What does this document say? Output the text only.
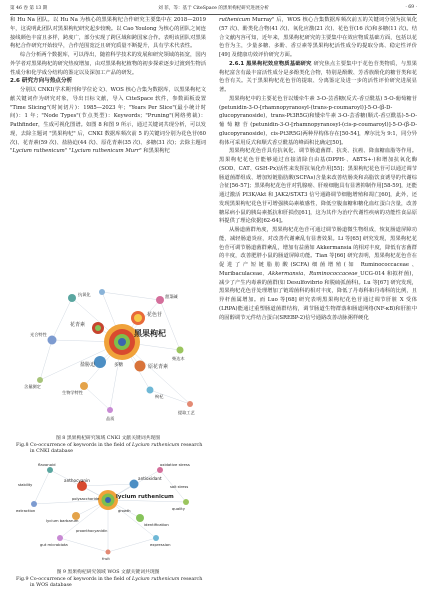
第 46 卷 第 13 期	刘 菲，等：基于 CiteSpace 的黑果枸杞研究进展分析	· 69 ·

和 Hu Na 团队。以 Hu Na 为核心的黑果枸杞合作研究主要集中在 2018—2019 年，这说明此团队对黑果枸杞研究起步较晚。以 Cao Youlong 为核心的团队之间连接线颜色丰富且多样，跨度广，部分实现了跨区域和跨国家合作。表明该团队对黑果枸杞合作研究开始较早，合作范围宽泛且研究质量不断提升，具有学术代表性。

综合分析两个数据库，可以得出，随着科学技术的发展和研究领域的拓宽，国内外学者对黑果枸杞的研究热度增加，由对黑果枸杞植物的初步探索逐步过渡到生物活性成分和化学成分结构的鉴定以及深加工产品的研发。

2.6 研究方向与热点分析

分别以 CNKI(学术期刊和学位论文)、WOS 核心合集为数据库，以黑果枸杞文献关键词作为研究对象，导出日标文献，导入 CiteSpace 软件，参数面板设置 "Time Slicing"(时间切片)：1985—2023 年；"Years Per Slice"(最小统计时间)：1 年；"Node Types"(节点类型)：Keywords；"Pruning"(网络剪裁)：Pathfinder，生成可视化图谱。如图 8 和图 9 所示，通过关键词共现分析，可以发现，去除主题词 "黑果枸杞" 后，CNKI 数据库频次前 5 的关键词分别为花色苷(60 次)、花青素(59 次)、盐胁迫(44 次)、原花青素(35 次)、多糖(31 次)；去除主题词 "Lycium ruthenicum" "Lycium ruthenicum Murr" 和黑果枸杞

黑果枸杞
花色苷
花青素
盐胁迫	原花青素
多糖
抗氧化	甜菜碱
光合特性
柴达木
生物学特性
枸杞
品质
含量测定
提取工艺
图 8 黑果枸杞研究领域 CNKI 文献关键词共现图
Fig.8 Co-occurrence of keywords in the field of Lycium ruthenicum research in CNKI database
lycium ruthenicum
anthocyanin	antioxidant
lycium barbarum
identification
flavonoid	oxidative stress
extraction	quality
gut microbiota	expression
fruit
polysaccharide
growth
stability	salt stress
proanthocyanidin
图 9 黑果枸杞研究领域 WOS 文献关键词共现图
Fig.9 Co-occurrence of keywords in the field of Lycium ruthenicum research in WOS database

ruthenicum Murray" 后，WOS 核心合集数据库频次前五的关键词分别为抗氧化(57 次)、酚类化合物(41 次)、氧化应激(21 次)、花色苷(16 次)和多糖(11 次)。结合文献内容可知，近年来，黑果枸杞研究的主要集中在效应物质基础方面，包括以花色苷为主，少量多糖、多酚、香豆素等黑果枸杞活性成分的提取分离、稳定性评价[49] 及健康功效评价研究方面。

2.6.1 黑果枸杞效应物质基础研究 研究焦点主要集中于花色苷类物质，与黑果枸杞富含有最丰富活性成分是多酚类化合物，特别是酚酸、芳香族酚化的糖苷类和花色苷有关。关于黑果枸杞花色苷的提取、分离鉴定及进一步的活性评价研究进展显著。

黑果枸杞中的主要花色苷以矮牵牛素 3-O-芸香糖(反式-香豆酰基) 5-O-葡萄糖苷(petunidin-3-O-[rhamnopyranosyl-(trans-p-coumaroyl)]-5-O-(β-D-glucopyranoside)，trans-Pt3R5G)和矮牵牛素 3-O-芸香糖(顺式-香豆酰基)-5-O-葡萄糖苷(petunidin-3-O-[rhamnopyranosyl-(cis-p-coumaroyl)]-5-O-(β-D-glucopyranoside)，cis-Pt3R5G)两种异构体存在[50-54]，摩尔比为 9:1，同分异构体可采用反式和顺式香豆酰基的峰面积比确定[50]。

黑果枸杞花色苷具有抗氧化、调节肠道菌群、抗炎、抗癌、降血糖血脂等作用。黑果枸杞花色苷能够通过直接清除自由基(DPPH·、ABTS+·)和增加抗氧化酶(SOD、CAT、GSH-Px)活性来发挥抗氧化作用[55]；黑果枸杞花色苷可以通过调节肠道菌群组成、增加短链脂肪酸(SCFAs)含量来改善结肠炎和高脂饮食诱导的代谢综合征[56-57]；黑果枸杞花色苷对乳腺癌、肝癌细胞具有显著抑制作用[58-59]，还能通过激活 PI3K/Akt 和 JAK2/STAT3 信号通路调节细胞增殖和凋亡[60]，此外，还发现黑果枸杞花色苷可增强胰岛素敏感性，降低空腹血糖和糖化血红蛋白含量，改善糖尿病小鼠的胰岛素抵抗和肝损伤[61]，这为其作为治疗代谢性疾病的功能性食品原料提供了理论依据[62-64]。

从肠道菌群角度，黑果枸杞花色苷可通过调节肠道微生物组成，恢复肠道屏障功能，减轻肠道炎症，对改善代谢紊乱有显著效果。Li 等[65] 研究发现，黑果枸杞花色苷可调节肠道菌群紊乱，增加有益菌如 Akkermansia 的相对丰度，降低有害菌群的丰度，改善肥胖小鼠的肠道屏障功能。Tian 等[66] 研究表明，黑果枸杞花色苷在促进了产短链脂肪酸(SCFA)细菌增殖(如 Ruminococcaceae、Muribaculaceae、Akkermansia、Ruminococcaceae_UCG-014 和拟杆菌)，减少了产生内毒素的菌群(如 Desulfovibrio 和脱硫弧菌科)。Lu 等[67] 研究发现，黑果枸杞花色苷处理增加了链霉菌科的相对丰度，降低了丹毒科和丹毒科的比例，且异杆菌属增加。而 Luo 等[68] 研究表明黑果枸杞花色苷通过调节肝脏 X 受体(LRPA)能通过重塑肠道菌群结构，调节肠道生物群落和肠道网络(NF-κB)和肝脏中的固醇调节元件结合蛋白(SREBP-2)信号通路改善动脉粥样硬化
